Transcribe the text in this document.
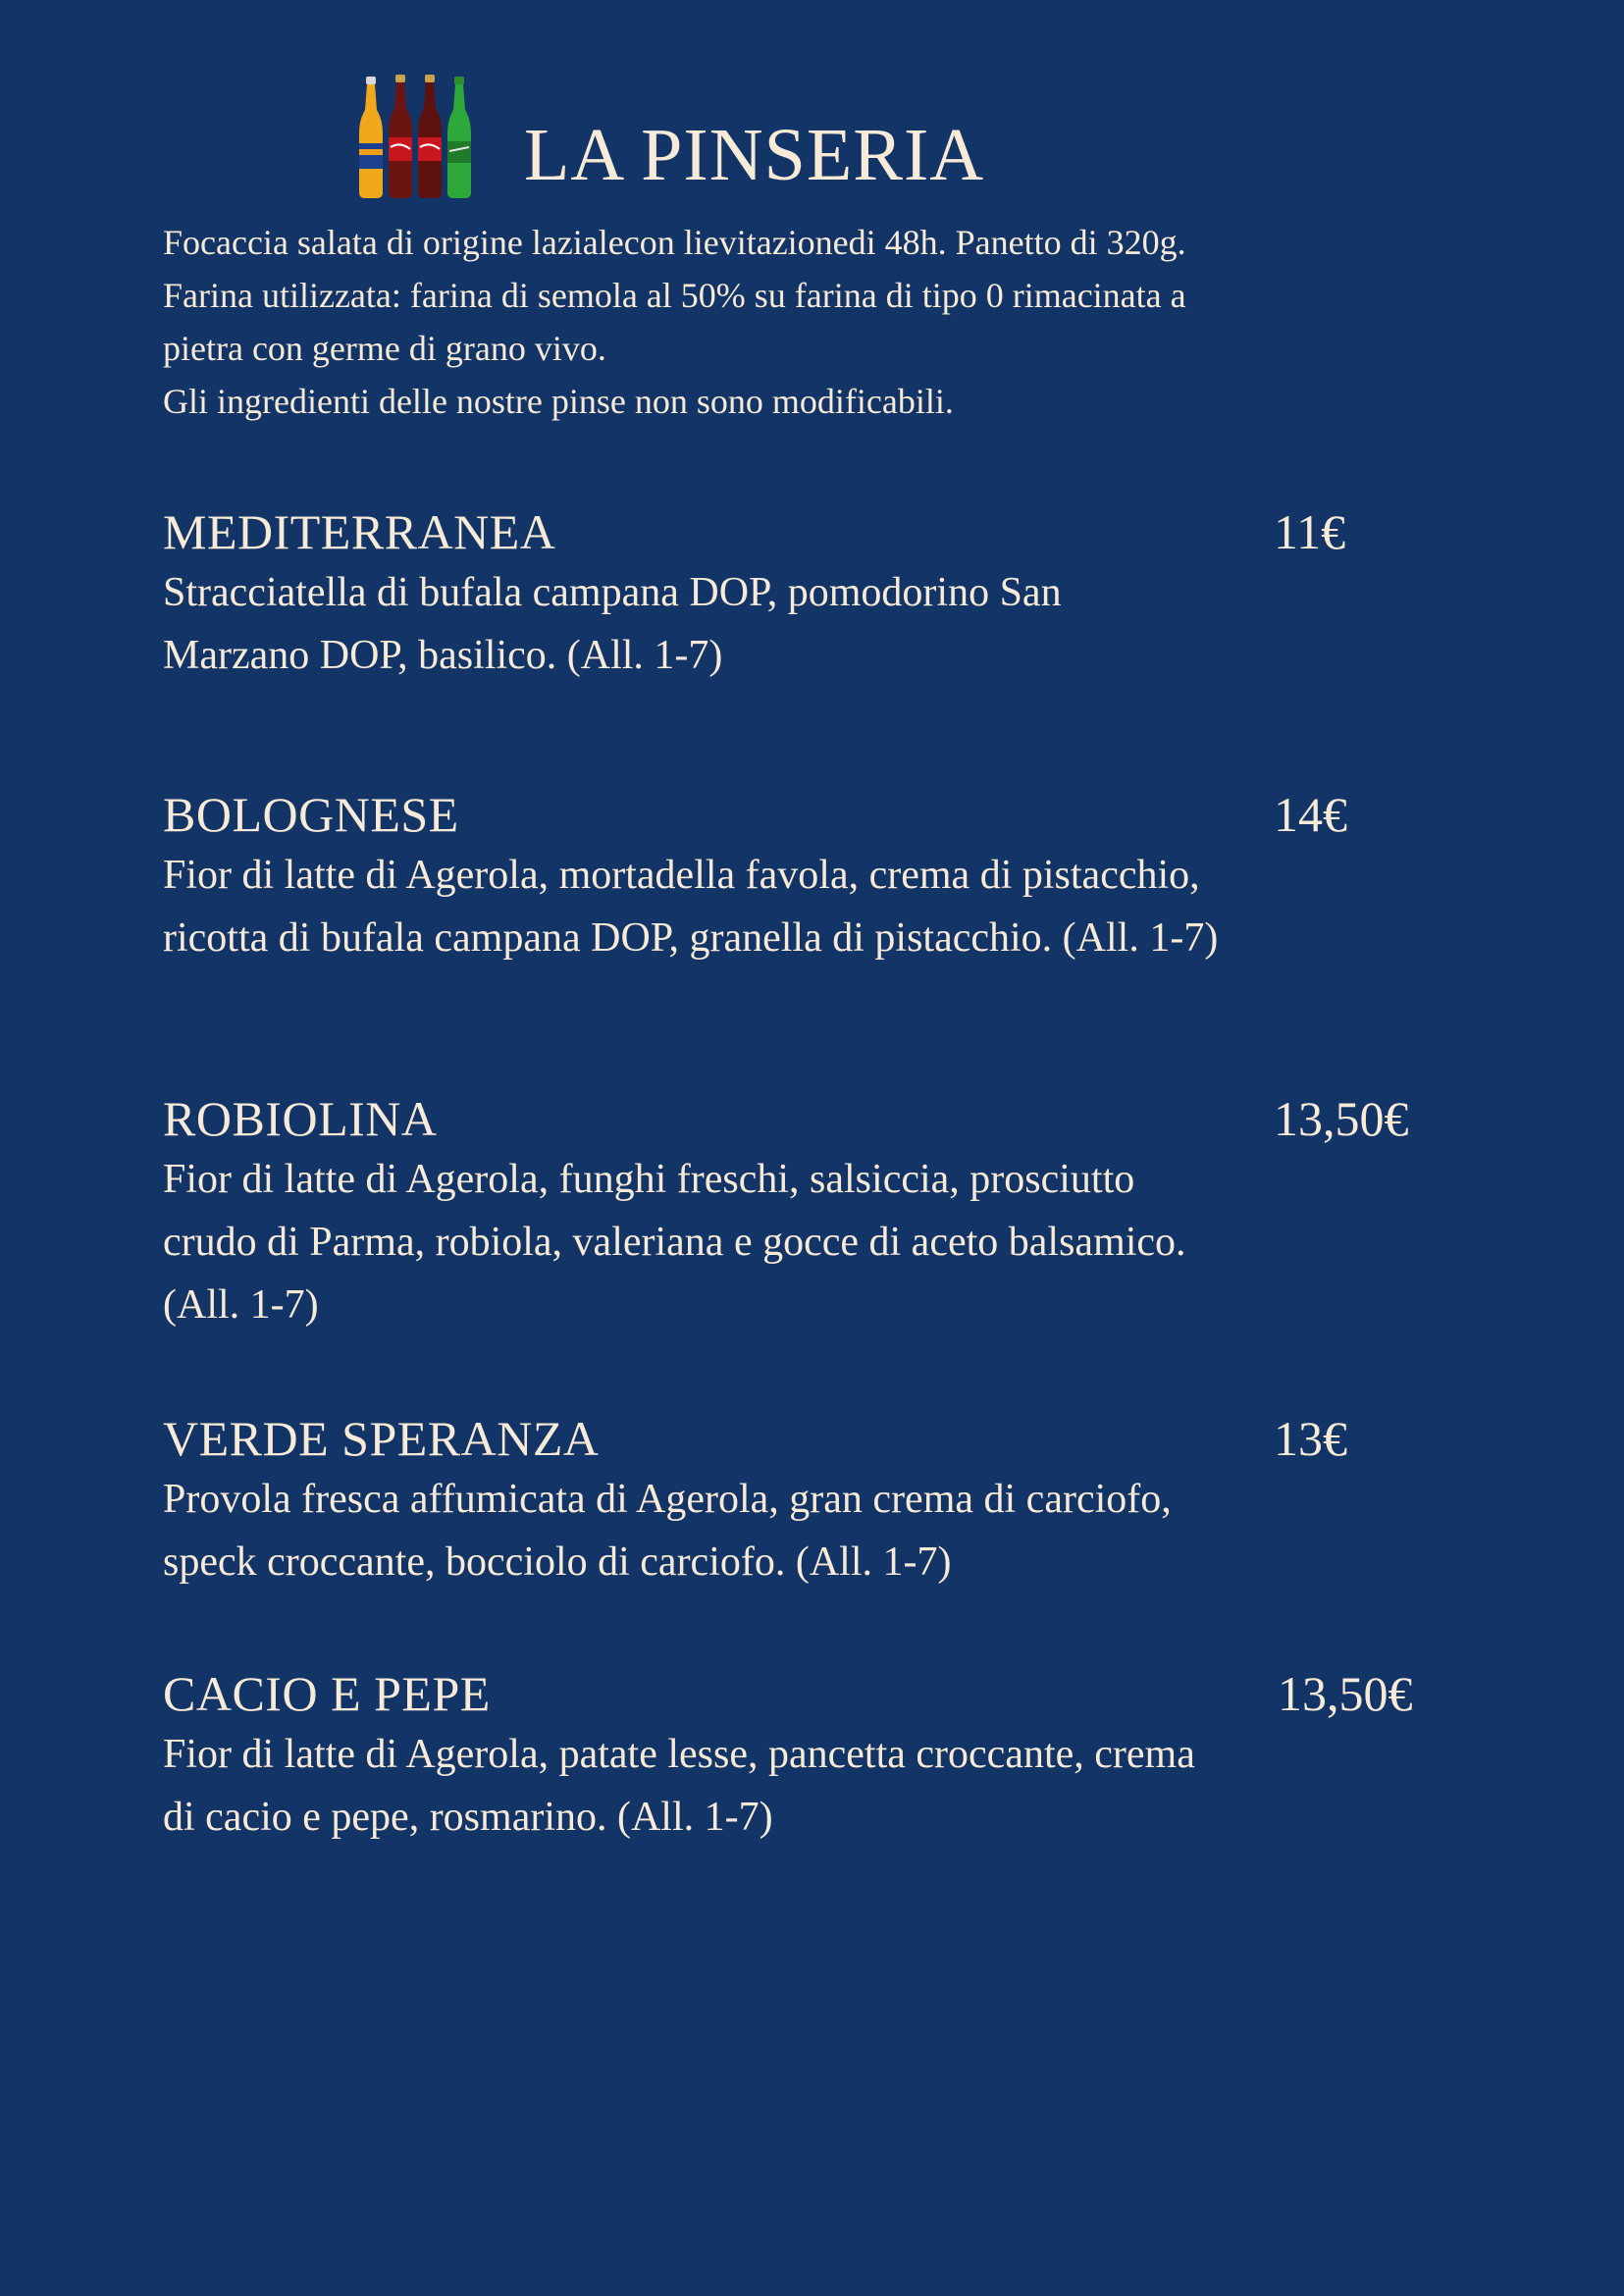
LA PINSERIA
Focaccia salata di origine lazialecon lievitazionedi 48h. Panetto di 320g.
Farina utilizzata: farina di semola al 50% su farina di tipo 0 rimacinata a
pietra con germe di grano vivo.
Gli ingredienti delle nostre pinse non sono modificabili.
MEDITERRANEA	11€
Stracciatella di bufala campana DOP, pomodorino San
Marzano DOP, basilico. (All. 1-7)
BOLOGNESE	14€
Fior di latte di Agerola, mortadella favola, crema di pistacchio,
ricotta di bufala campana DOP, granella di pistacchio. (All. 1-7)
ROBIOLINA	13,50€
Fior di latte di Agerola, funghi freschi, salsiccia, prosciutto
crudo di Parma, robiola, valeriana e gocce di aceto balsamico.
(All. 1-7)
VERDE SPERANZA	13€
Provola fresca affumicata di Agerola, gran crema di carciofo,
speck croccante, bocciolo di carciofo. (All. 1-7)
CACIO E PEPE	13,50€
Fior di latte di Agerola, patate lesse, pancetta croccante, crema
di cacio e pepe, rosmarino. (All. 1-7)
